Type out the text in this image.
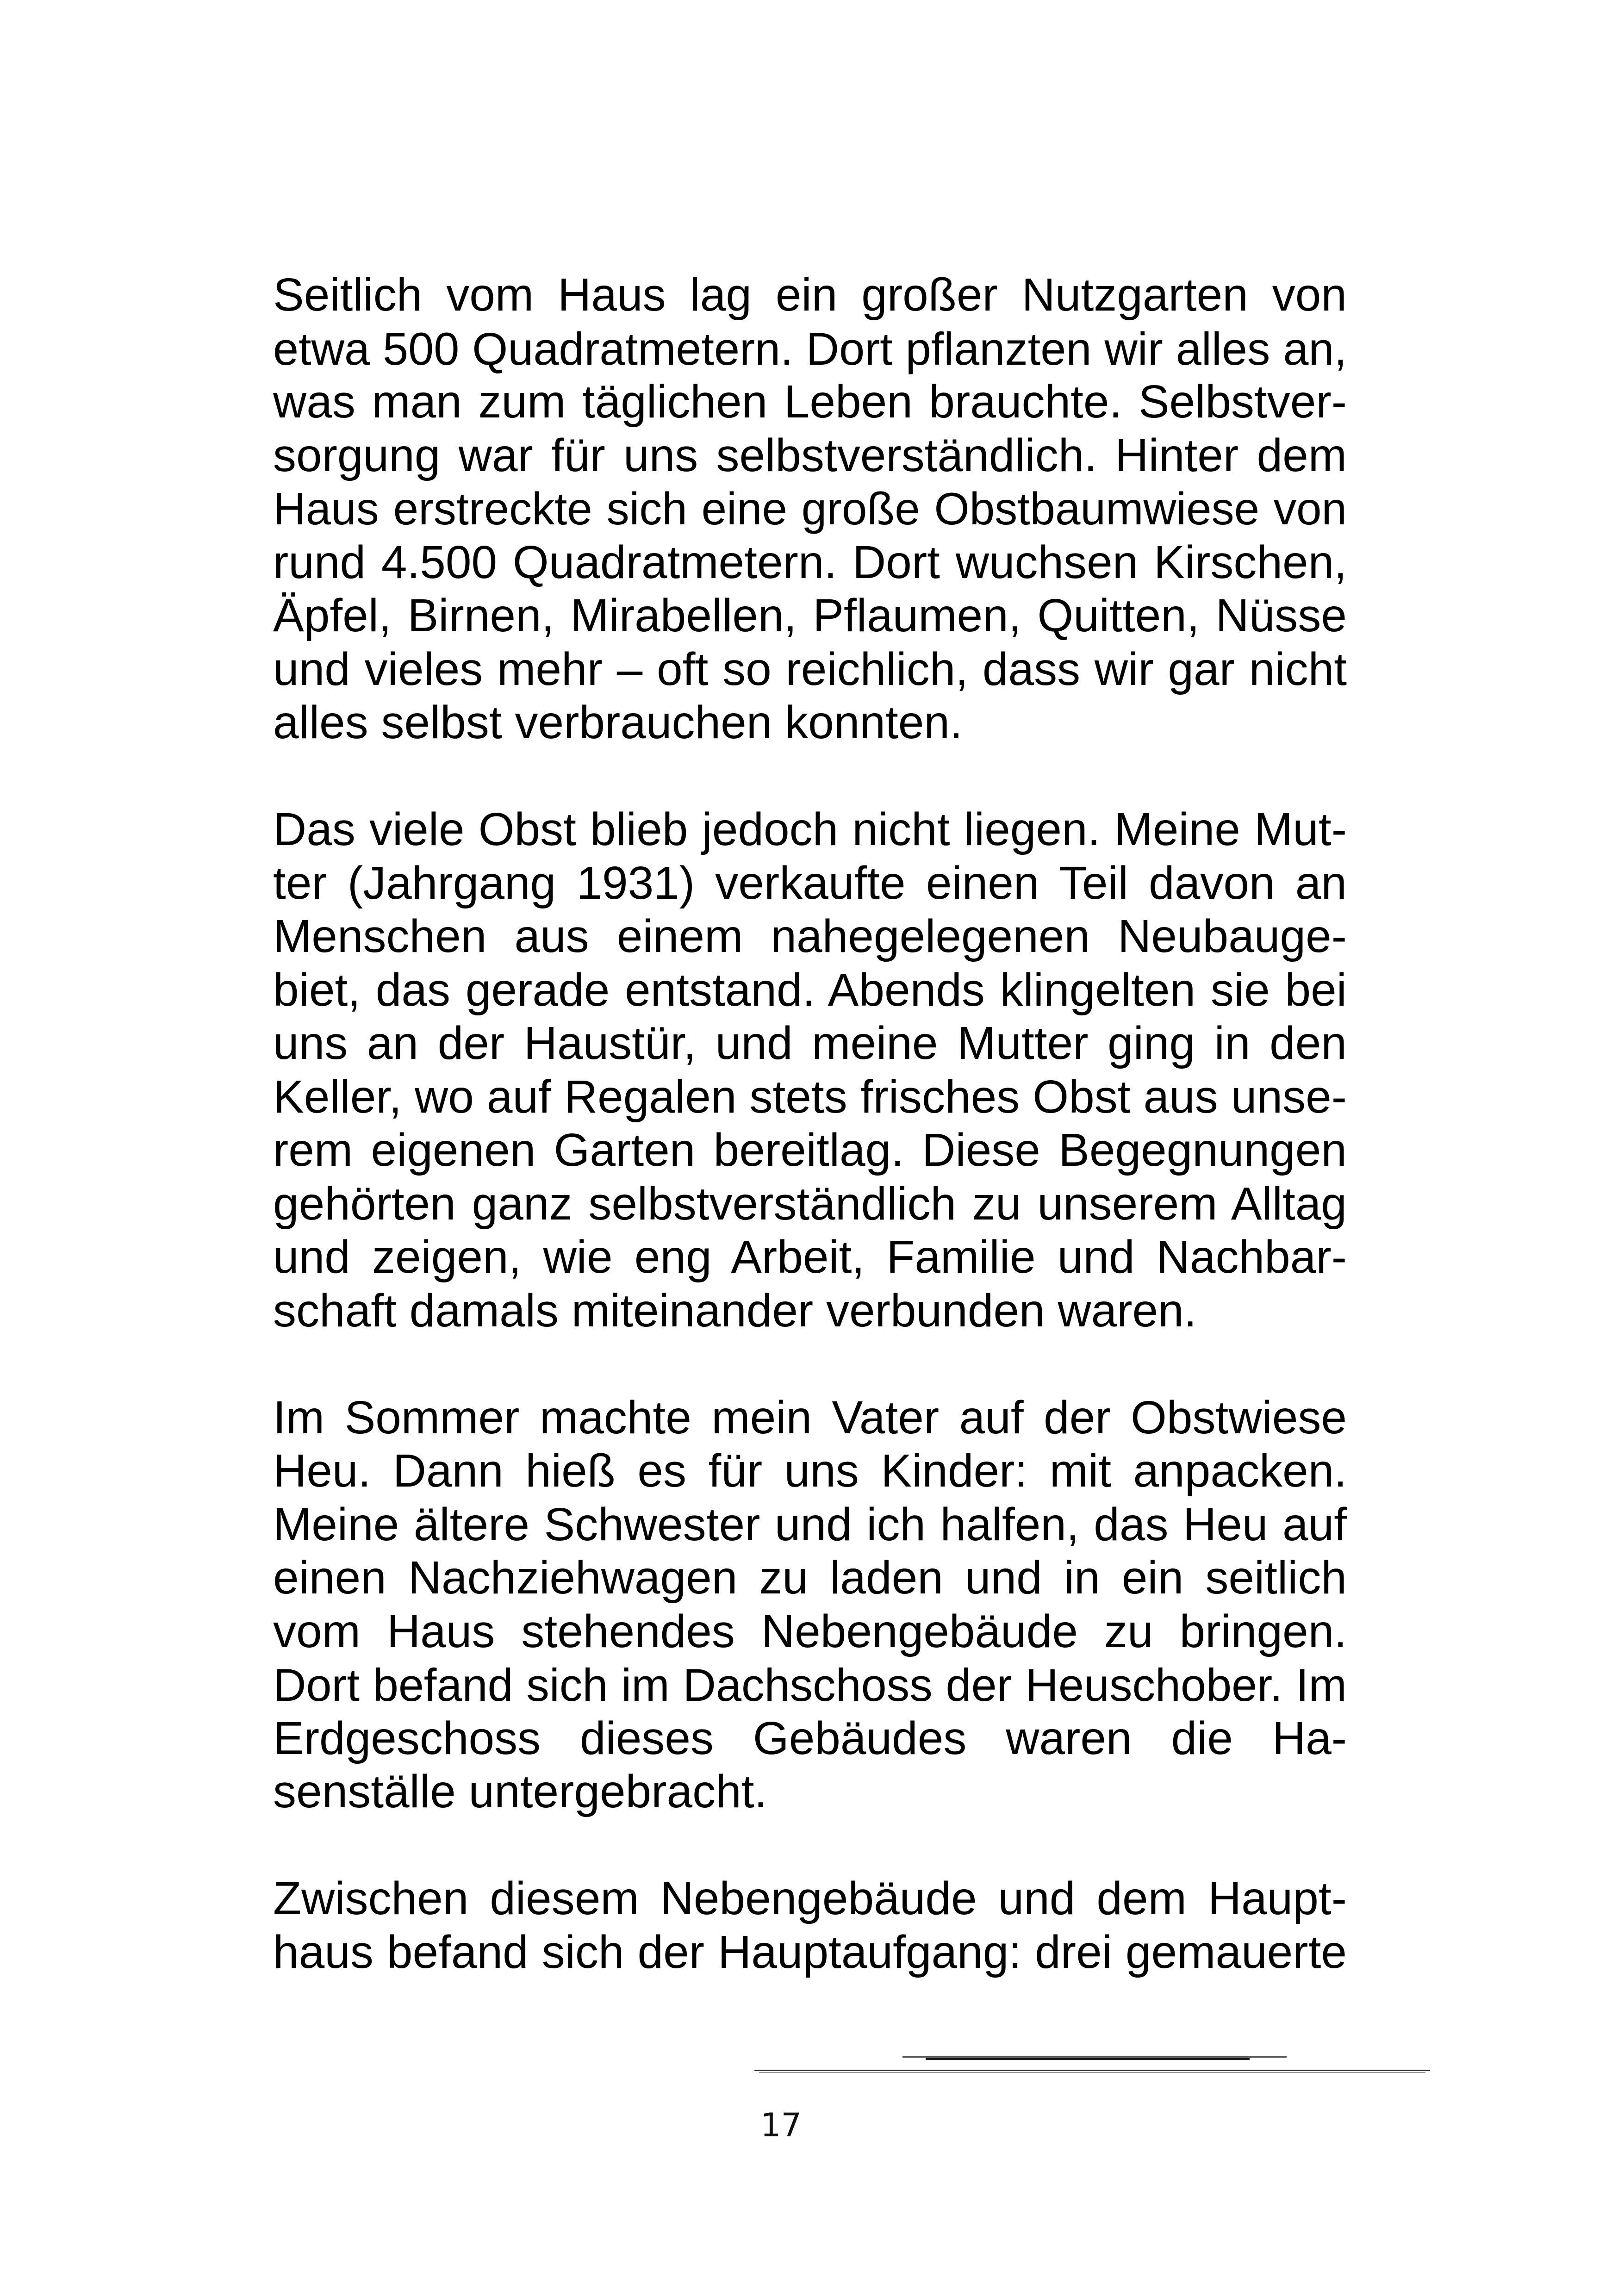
Seitlich vom Haus lag ein großer Nutzgarten von
etwa 500 Quadratmetern. Dort pflanzten wir alles an,
was man zum täglichen Leben brauchte. Selbstver-
sorgung war für uns selbstverständlich. Hinter dem
Haus erstreckte sich eine große Obstbaumwiese von
rund 4.500 Quadratmetern. Dort wuchsen Kirschen,
Äpfel, Birnen, Mirabellen, Pflaumen, Quitten, Nüsse
und vieles mehr – oft so reichlich, dass wir gar nicht
alles selbst verbrauchen konnten.
Das viele Obst blieb jedoch nicht liegen. Meine Mut-
ter (Jahrgang 1931) verkaufte einen Teil davon an
Menschen aus einem nahegelegenen Neubauge-
biet, das gerade entstand. Abends klingelten sie bei
uns an der Haustür, und meine Mutter ging in den
Keller, wo auf Regalen stets frisches Obst aus unse-
rem eigenen Garten bereitlag. Diese Begegnungen
gehörten ganz selbstverständlich zu unserem Alltag
und zeigen, wie eng Arbeit, Familie und Nachbar-
schaft damals miteinander verbunden waren.
Im Sommer machte mein Vater auf der Obstwiese
Heu. Dann hieß es für uns Kinder: mit anpacken.
Meine ältere Schwester und ich halfen, das Heu auf
einen Nachziehwagen zu laden und in ein seitlich
vom Haus stehendes Nebengebäude zu bringen.
Dort befand sich im Dachschoss der Heuschober. Im
Erdgeschoss dieses Gebäudes waren die Ha-
senställe untergebracht.
Zwischen diesem Nebengebäude und dem Haupt-
haus befand sich der Hauptaufgang: drei gemauerte
17
